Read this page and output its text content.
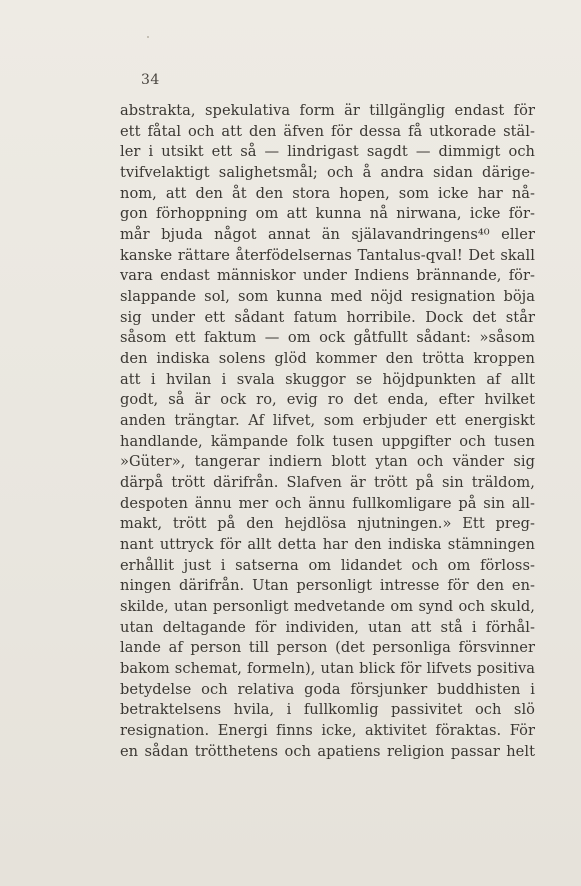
34
abstrakta, spekulativa form är tillgänglig endast för
ett fåtal och att den äfven för dessa få utkorade stäl-
ler i utsikt ett så — lindrigast sagdt — dimmigt och
tvifvelaktigt salighetsmål; och å andra sidan därige-
nom, att den åt den stora hopen, som icke har nå-
gon förhoppning om att kunna nå nirwana, icke för-
mår bjuda något annat än själavandringens⁴⁰ eller
kanske rättare återfödelsernas Tantalus-qval! Det skall
vara endast människor under Indiens brännande, för-
slappande sol, som kunna med nöjd resignation böja
sig under ett sådant fatum horribile. Dock det står
såsom ett faktum — om ock gåtfullt sådant: »såsom
den indiska solens glöd kommer den trötta kroppen
att i hvilan i svala skuggor se höjdpunkten af allt
godt, så är ock ro, evig ro det enda, efter hvilket
anden trängtar. Af lifvet, som erbjuder ett energiskt
handlande, kämpande folk tusen uppgifter och tusen
»Güter», tangerar indiern blott ytan och vänder sig
därpå trött därifrån. Slafven är trött på sin träldom,
despoten ännu mer och ännu fullkomligare på sin all-
makt, trött på den hejdlösa njutningen.» Ett preg-
nant uttryck för allt detta har den indiska stämningen
erhållit just i satserna om lidandet och om förloss-
ningen därifrån. Utan personligt intresse för den en-
skilde, utan personligt medvetande om synd och skuld,
utan deltagande för individen, utan att stå i förhål-
lande af person till person (det personliga försvinner
bakom schemat, formeln), utan blick för lifvets positiva
betydelse och relativa goda försjunker buddhisten i
betraktelsens hvila, i fullkomlig passivitet och slö
resignation. Energi finns icke, aktivitet föraktas. För
en sådan trötthetens och apatiens religion passar helt
